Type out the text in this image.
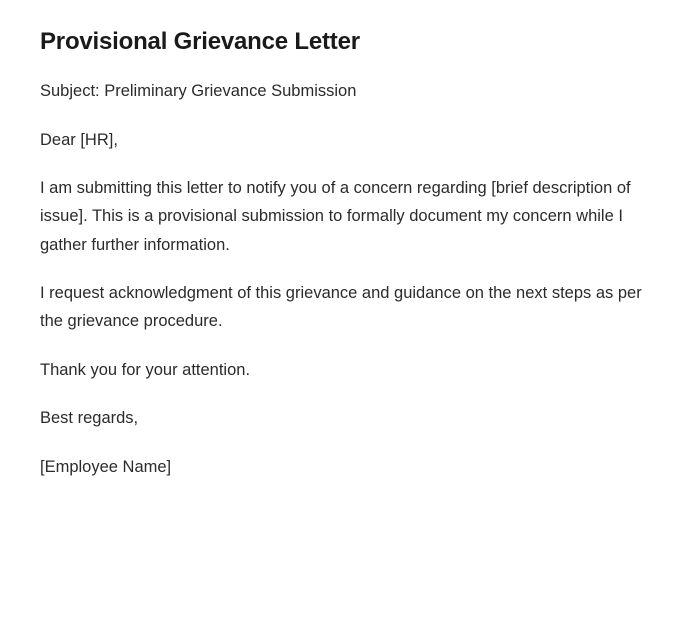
Provisional Grievance Letter

Subject: Preliminary Grievance Submission

Dear [HR],

I am submitting this letter to notify you of a concern regarding [brief description of issue]. This is a provisional submission to formally document my concern while I gather further information.

I request acknowledgment of this grievance and guidance on the next steps as per the grievance procedure.

Thank you for your attention.

Best regards,

[Employee Name]
